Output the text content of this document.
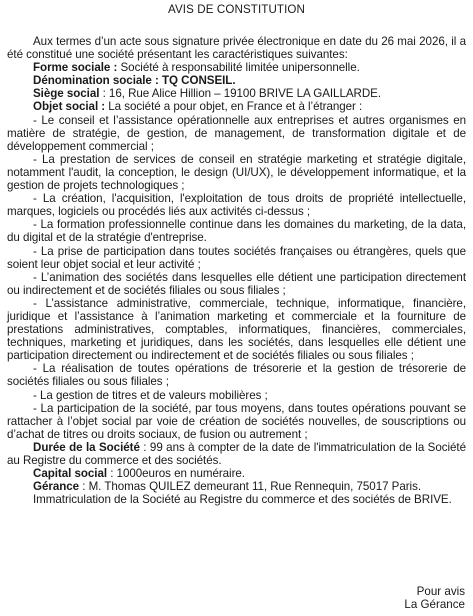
AVIS DE CONSTITUTION

Aux termes d’un acte sous signature privée électronique en date du 26 mai 2026, il a été constitué une société présentant les caractéristiques suivantes:

Forme sociale : Société à responsabilité limitée unipersonnelle.

Dénomination sociale : TQ CONSEIL.

Siège social : 16, Rue Alice Hillion – 19100 BRIVE LA GAILLARDE.

Objet social : La société a pour objet, en France et à l’étranger :

- Le conseil et l’assistance opérationnelle aux entreprises et autres organismes en matière de stratégie, de gestion, de management, de transformation digitale et de développement commercial ;

- La prestation de services de conseil en stratégie marketing et stratégie digitale, notamment l'audit, la conception, le design (UI/UX), le développement informatique, et la gestion de projets technologiques ;

- La création, l'acquisition, l'exploitation de tous droits de propriété intellectuelle, marques, logiciels ou procédés liés aux activités ci-dessus ;

- La formation professionnelle continue dans les domaines du marketing, de la data, du digital et de la stratégie d'entreprise.

- La prise de participation dans toutes sociétés françaises ou étrangères, quels que soient leur objet social et leur activité ;

- L’animation des sociétés dans lesquelles elle détient une participation directement ou indirectement et de sociétés filiales ou sous filiales ;

- L’assistance administrative, commerciale, technique, informatique, financière, juridique et l’assistance à l’animation marketing et commerciale et la fourniture de prestations administratives, comptables, informatiques, financières, commerciales, techniques, marketing et juridiques, dans les sociétés, dans lesquelles elle détient une participation directement ou indirectement et de sociétés filiales ou sous filiales ;

- La réalisation de toutes opérations de trésorerie et la gestion de trésorerie de sociétés filiales ou sous filiales ;

- La gestion de titres et de valeurs mobilières ;

- La participation de la société, par tous moyens, dans toutes opérations pouvant se rattacher à l’objet social par voie de création de sociétés nouvelles, de souscriptions ou d’achat de titres ou droits sociaux, de fusion ou autrement ;

Durée de la Société : 99 ans à compter de la date de l'immatriculation de la Société au Registre du commerce et des sociétés.

Capital social : 1000euros en numéraire.

Gérance : M. Thomas QUILEZ demeurant 11, Rue Rennequin, 75017 Paris.

Immatriculation de la Société au Registre du commerce et des sociétés de BRIVE.

Pour avis
La Gérance
